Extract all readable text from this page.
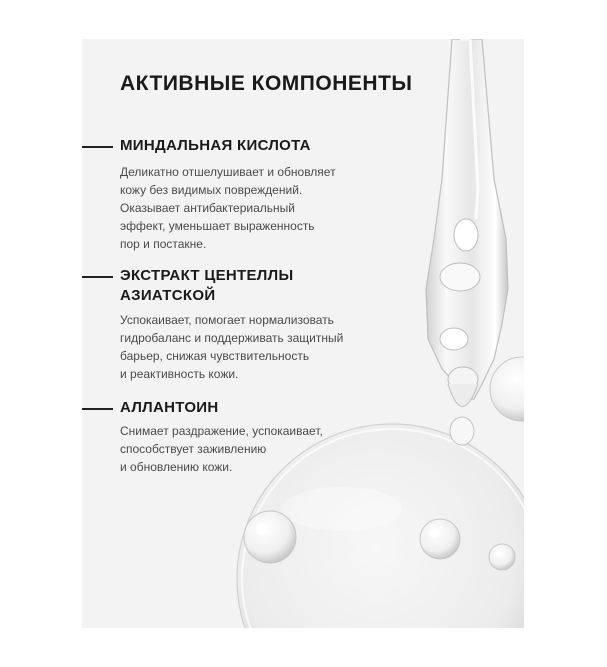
АКТИВНЫЕ КОМПОНЕНТЫ
МИНДАЛЬНАЯ КИСЛОТА
Деликатно отшелушивает и обновляет
кожу без видимых повреждений.
Оказывает антибактериальный
эффект, уменьшает выраженность
пор и постакне.
ЭКСТРАКТ ЦЕНТЕЛЛЫ
АЗИАТСКОЙ
Успокаивает, помогает нормализовать
гидробаланс и поддерживать защитный
барьер, снижая чувствительность
и реактивность кожи.
АЛЛАНТОИН
Снимает раздражение, успокаивает,
способствует заживлению
и обновлению кожи.
